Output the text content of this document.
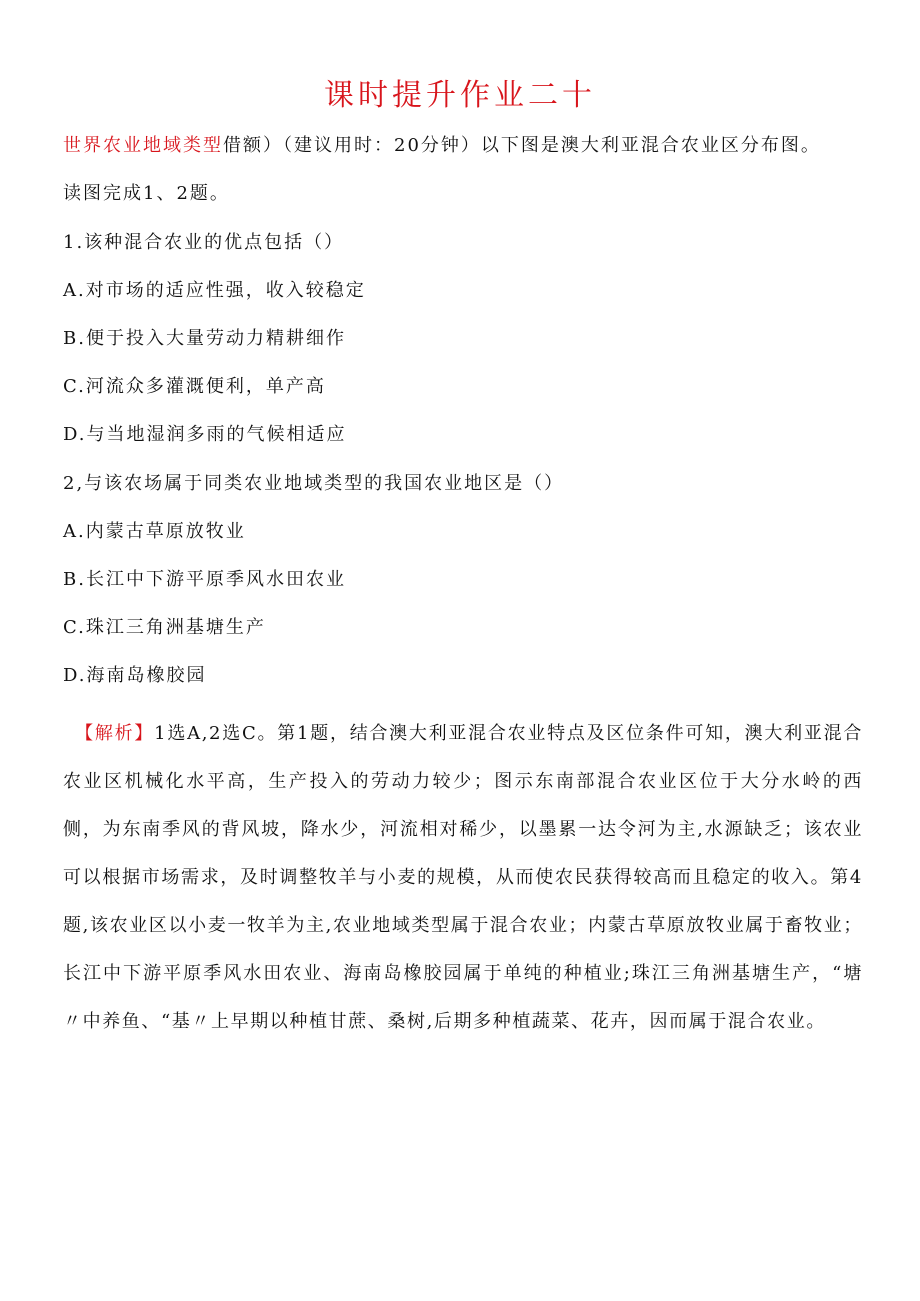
课时提升作业二十
世界农业地域类型借额）（建议用时：20分钟）以下图是澳大利亚混合农业区分布图。
读图完成1、2题。
1.该种混合农业的优点包括（）
A.对市场的适应性强，收入较稳定
B.便于投入大量劳动力精耕细作
C.河流众多灌溉便利，单产高
D.与当地湿润多雨的气候相适应
2,与该农场属于同类农业地域类型的我国农业地区是（）
A.内蒙古草原放牧业
B.长江中下游平原季风水田农业
C.珠江三角洲基塘生产
D.海南岛橡胶园
【解析】1选A,2选C。第1题，结合澳大利亚混合农业特点及区位条件可知，澳大利亚混合农业区机械化水平高，生产投入的劳动力较少；图示东南部混合农业区位于大分水岭的西侧，为东南季风的背风坡，降水少，河流相对稀少，以墨累一达令河为主,水源缺乏；该农业可以根据市场需求，及时调整牧羊与小麦的规模，从而使农民获得较高而且稳定的收入。第4题,该农业区以小麦一牧羊为主,农业地域类型属于混合农业；内蒙古草原放牧业属于畜牧业；长江中下游平原季风水田农业、海南岛橡胶园属于单纯的种植业;珠江三角洲基塘生产，“塘〃中养鱼、“基〃上早期以种植甘蔗、桑树,后期多种植蔬菜、花卉，因而属于混合农业。
